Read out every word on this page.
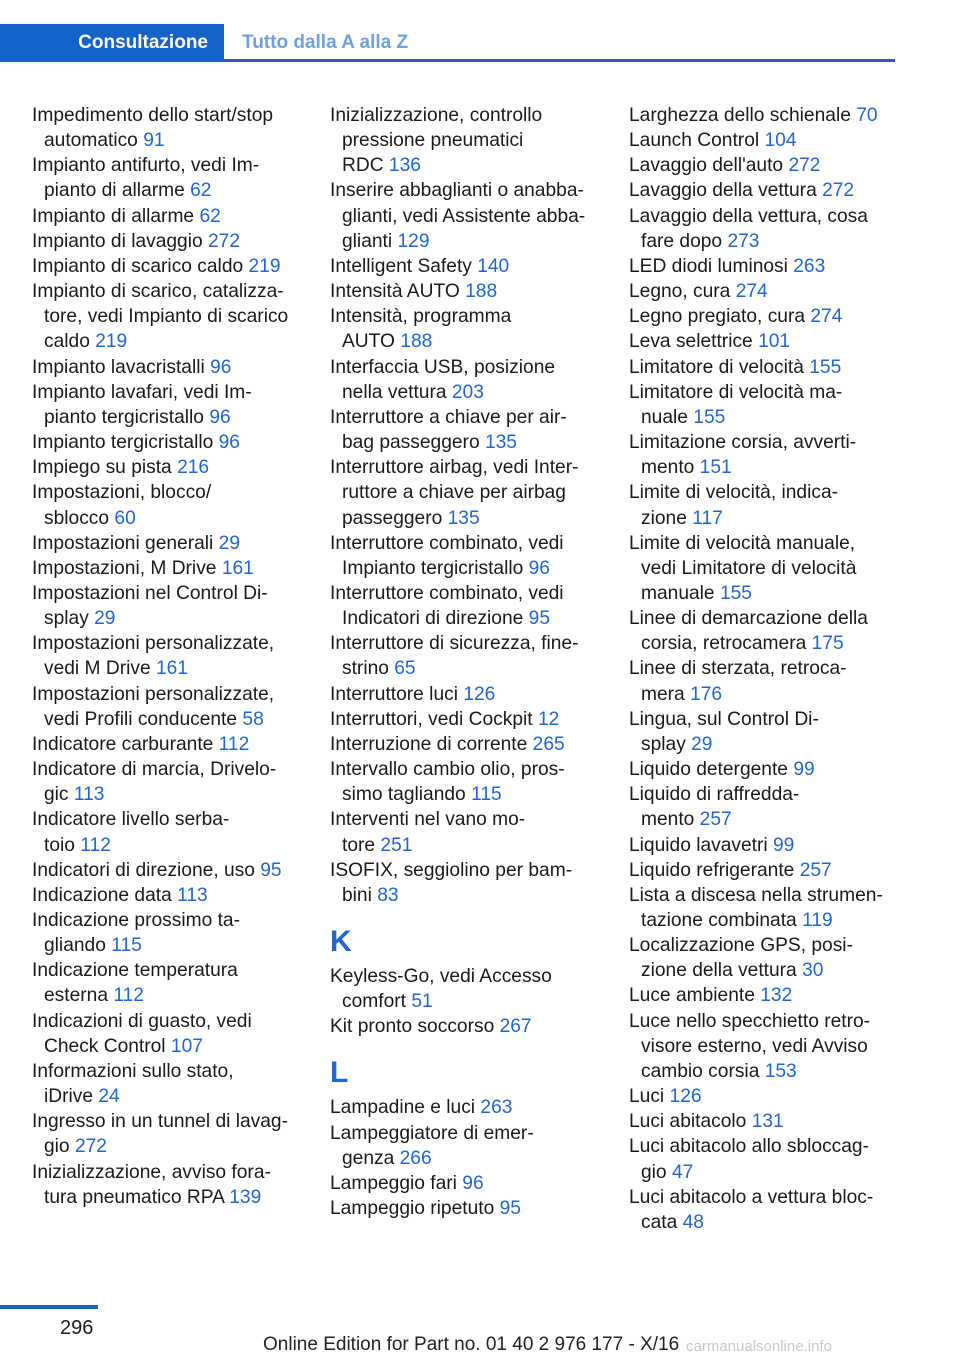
Consultazione	Tutto dalla A alla Z
Impedimento dello start/stop
automatico 91
Impianto antifurto, vedi Im-
pianto di allarme 62
Impianto di allarme 62
Impianto di lavaggio 272
Impianto di scarico caldo 219
Impianto di scarico, catalizza-
tore, vedi Impianto di scarico
caldo 219
Impianto lavacristalli 96
Impianto lavafari, vedi Im-
pianto tergicristallo 96
Impianto tergicristallo 96
Impiego su pista 216
Impostazioni, blocco/
sblocco 60
Impostazioni generali 29
Impostazioni, M Drive 161
Impostazioni nel Control Di-
splay 29
Impostazioni personalizzate,
vedi M Drive 161
Impostazioni personalizzate,
vedi Profili conducente 58
Indicatore carburante 112
Indicatore di marcia, Drivelo-
gic 113
Indicatore livello serba-
toio 112
Indicatori di direzione, uso 95
Indicazione data 113
Indicazione prossimo ta-
gliando 115
Indicazione temperatura
esterna 112
Indicazioni di guasto, vedi
Check Control 107
Informazioni sullo stato,
iDrive 24
Ingresso in un tunnel di lavag-
gio 272
Inizializzazione, avviso fora-
tura pneumatico RPA 139
Inizializzazione, controllo
pressione pneumatici
RDC 136
Inserire abbaglianti o anabba-
glianti, vedi Assistente abba-
glianti 129
Intelligent Safety 140
Intensità AUTO 188
Intensità, programma
AUTO 188
Interfaccia USB, posizione
nella vettura 203
Interruttore a chiave per air-
bag passeggero 135
Interruttore airbag, vedi Inter-
ruttore a chiave per airbag
passeggero 135
Interruttore combinato, vedi
Impianto tergicristallo 96
Interruttore combinato, vedi
Indicatori di direzione 95
Interruttore di sicurezza, fine-
strino 65
Interruttore luci 126
Interruttori, vedi Cockpit 12
Interruzione di corrente 265
Intervallo cambio olio, pros-
simo tagliando 115
Interventi nel vano mo-
tore 251
ISOFIX, seggiolino per bam-
bini 83
K
Keyless-Go, vedi Accesso
comfort 51
Kit pronto soccorso 267
L
Lampadine e luci 263
Lampeggiatore di emer-
genza 266
Lampeggio fari 96
Lampeggio ripetuto 95
Larghezza dello schienale 70
Launch Control 104
Lavaggio dell'auto 272
Lavaggio della vettura 272
Lavaggio della vettura, cosa
fare dopo 273
LED diodi luminosi 263
Legno, cura 274
Legno pregiato, cura 274
Leva selettrice 101
Limitatore di velocità 155
Limitatore di velocità ma-
nuale 155
Limitazione corsia, avverti-
mento 151
Limite di velocità, indica-
zione 117
Limite di velocità manuale,
vedi Limitatore di velocità
manuale 155
Linee di demarcazione della
corsia, retrocamera 175
Linee di sterzata, retroca-
mera 176
Lingua, sul Control Di-
splay 29
Liquido detergente 99
Liquido di raffredda-
mento 257
Liquido lavavetri 99
Liquido refrigerante 257
Lista a discesa nella strumen-
tazione combinata 119
Localizzazione GPS, posi-
zione della vettura 30
Luce ambiente 132
Luce nello specchietto retro-
visore esterno, vedi Avviso
cambio corsia 153
Luci 126
Luci abitacolo 131
Luci abitacolo allo sbloccag-
gio 47
Luci abitacolo a vettura bloc-
cata 48
296
Online Edition for Part no. 01 40 2 976 177 - X/16 carmanualsonline.info
